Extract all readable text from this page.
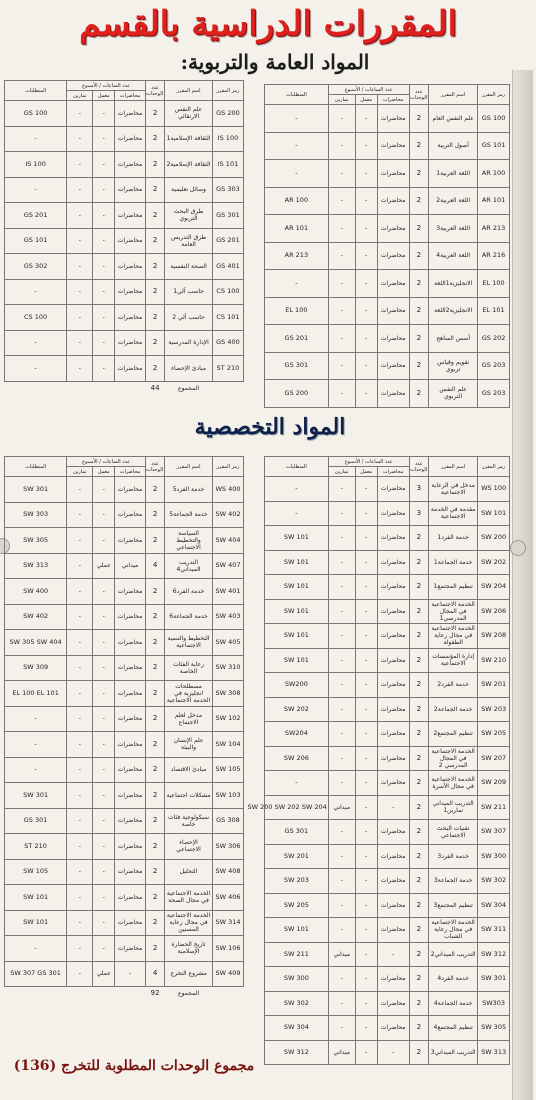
المقررات الدراسية بالقسم
المواد العامة والتربوية:
المواد التخصصية
مجموع الوحدات المطلوبة للتخرج (136)
رمز المقرر	اسم المقرر	عدد الوحدات	عدد الساعات / الأسبوع			المتطلبات
			محاضرات	معمل	تمارين	
GS 100	علم النفس العام	2	محاضرات	-	-	-
GS 101	أصول التربية	2	محاضرات	-	-	-
AR 100	اللغة العربية1	2	محاضرات	-	-	-
AR 101	اللغة العربية2	2	محاضرات	-	-	AR 100
AR 213	اللغة العربية3	2	محاضرات	-	-	AR 101
AR 216	اللغة العربية4	2	محاضرات	-	-	AR 213
EL 100	الانجليزية1اللغة	2	محاضرات	-	-	-
EL 101	الانجليزية2اللغة	2	محاضرات	-	-	EL 100
GS 202	أسس المناهج	2	محاضرات	-	-	GS 201
GS 203	تقويم وقياس تربوي	2	محاضرات	-	-	GS 301
GS 203	علم النفس التربوي	2	محاضرات	-	-	GS 200
رمز المقرر	اسم المقرر	عدد الوحدات	عدد الساعات / الأسبوع			المتطلبات
			محاضرات	معمل	تمارين	
GS 200	علم النفس الارتقائي	2	محاضرات	-	-	GS 100
IS 100	الثقافة الإسلامية1	2	محاضرات	-	-	-
IS 101	الثقافة الإسلامية2	2	محاضرات	-	-	IS 100
GS 303	وسائل تعليمية	2	محاضرات	-	-	-
GS 301	طرق البحث التربوي	2	محاضرات	-	-	GS 201
GS 201	طرق التدريس العامة	2	محاضرات	-	-	GS 101
GS 401	الصحة النفسية	2	محاضرات	-	-	GS 302
CS 100	حاسب آلي1	2	محاضرات	-	-	-
CS 101	حاسب آلي 2	2	محاضرات	-	-	CS 100
GS 400	الإدارة المدرسية	2	محاضرات	-	-	-
ST 210	مبادئ الإحصاء	2	محاضرات	-	-	-
	المجموع	44				
رمز المقرر	اسم المقرر	عدد الوحدات	عدد الساعات / الأسبوع			المتطلبات
			محاضرات	معمل	تمارين	
WS 100	مدخل في الرعاية الاجتماعية	3	محاضرات	-	-	-
SW 101	مقدمة في الخدمة الاجتماعية	3	محاضرات	-	-	-
SW 200	خدمة الفرد1	2	محاضرات	-	-	SW 101
SW 202	خدمة الجماعة1	2	محاضرات	-	-	SW 101
SW 204	تنظيم المجتمع1	2	محاضرات	-	-	SW 101
SW 206	الخدمة الاجتماعية في المجال المدرسي1	2	محاضرات	-	-	SW 101
SW 208	الخدمة الاجتماعية في مجال رعاية الطفولة	2	محاضرات	-	-	SW 101
SW 210	إدارة المؤسسات الاجتماعية	2	محاضرات	-	-	SW 101
SW 201	خدمة الفرد2	2	محاضرات	-	-	SW200
SW 203	خدمة الجماعة2	2	محاضرات	-	-	SW 202
SW 205	تنظيم المجتمع2	2	محاضرات	-	-	SW204
SW 207	الخدمة الاجتماعية في المجال المدرسي 2	2	محاضرات	-	-	SW 206
SW 209	الخدمة الاجتماعية في مجال الأسرة	2	محاضرات	-	-	-
SW 211	التدريب الميداني تمارين1	2	-	-	ميداني	SW 200 SW 202 SW 204
SW 307	تقنيات البحث الاجتماعي	2	محاضرات	-	-	GS 301
SW 300	خدمة الفرد3	2	محاضرات	-	-	SW 201
SW 302	خدمة الجماعة3	2	محاضرات	-	-	SW 203
SW 304	تنظيم المجتمع3	2	محاضرات	-	-	SW 205
SW 311	الخدمة الاجتماعية في مجال رعاية الشباب	2	محاضرات	-	-	SW 101
SW 312	التدريب الميداني2	2	-	-	ميداني	SW 211
SW 301	خدمة الفرد4	2	محاضرات	-	-	SW 300
SW303	خدمة الجماعة4	2	محاضرات	-	-	SW 302
SW 305	تنظيم المجتمع4	2	محاضرات	-	-	SW 304
SW 313	التدريب الميداني3	2	-	-	ميداني	SW 312
رمز المقرر	اسم المقرر	عدد الوحدات	عدد الساعات / الأسبوع			المتطلبات
			محاضرات	معمل	تمارين	
WS 400	خدمة الفرد5	2	محاضرات	-	-	SW 301
SW 402	خدمة الجماعة5	2	محاضرات	-	-	SW 303
SW 404	السياسة والتخطيط الاجتماعي	2	محاضرات	-	-	SW 305
SW 407	التدريب الميداني4	4	ميداني	عملي	-	SW 313
SW 401	خدمة الفرد6	2	محاضرات	-	-	SW 400
SW 403	خدمة الجماعة6	2	محاضرات	-	-	SW 402
SW 405	التخطيط والتنمية الاجتماعية	2	محاضرات	-	-	SW 305 SW 404
SW 310	رعاية الفئات الخاصة	2	محاضرات	-	-	SW 309
SW 308	مصطلحات انجليزية في الخدمة الاجتماعية	2	محاضرات	-	-	EL 100 EL 101
SW 102	مدخل لعلم الاجتماع	2	محاضرات	-	-	-
SW 104	علم الإنسان والبيئة	2	محاضرات	-	-	-
SW 105	مبادئ الاقتصاد	2	محاضرات	-	-	-
SW 103	مشكلات اجتماعية	2	محاضرات	-	-	SW 301
GS 308	سيكولوجية فئات خاصة	2	محاضرات	-	-	GS 301
SW 306	الإحصاء الاجتماعي	2	محاضرات	-	-	ST 210
SW 408	التحليل	2	محاضرات	-	-	SW 105
SW 406	الخدمة الاجتماعية في مجال الصحة	2	محاضرات	-	-	SW 101
SW 314	الخدمة الاجتماعية في مجال رعاية المسنين	2	محاضرات	-	-	SW 101
SW 106	تاريخ الحضارة الإسلامية	2	محاضرات	-	-	-
SW 409	مشروع التخرج	4	-	عملي	-	SW 307 GS 301
	المجموع	92				
